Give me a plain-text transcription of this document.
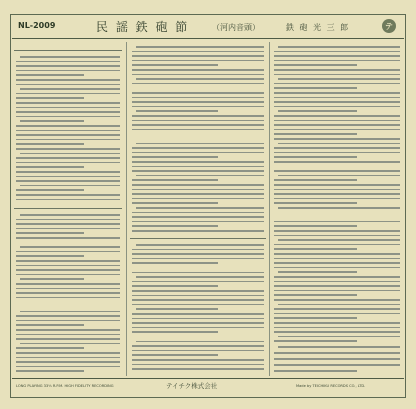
NL-2009	民 謡 鉄 砲 節	（河内音頭）	鉄 砲 光 三 郎	テ
LONG PLAYING 33⅓ R.P.M. HIGH FIDELITY RECORDING	テイチク株式会社	Made by TEICHIKU RECORDS CO., LTD.
